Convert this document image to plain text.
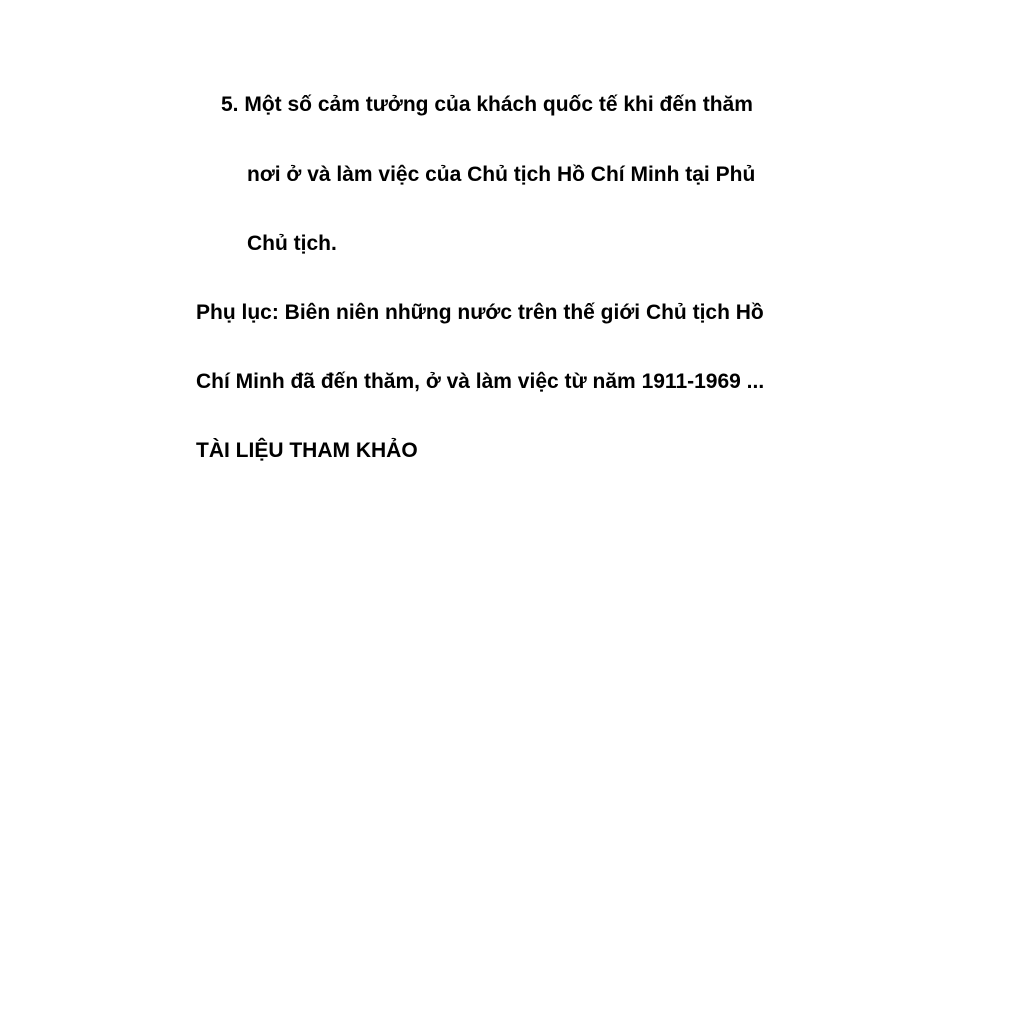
5. Một số cảm tưởng của khách quốc tế khi đến thăm
nơi ở và làm việc của Chủ tịch Hồ Chí Minh tại Phủ
Chủ tịch.
Phụ lục: Biên niên những nước trên thế giới Chủ tịch Hồ
Chí Minh đã đến thăm, ở và làm việc từ năm 1911-1969 ...
TÀI LIỆU THAM KHẢO
